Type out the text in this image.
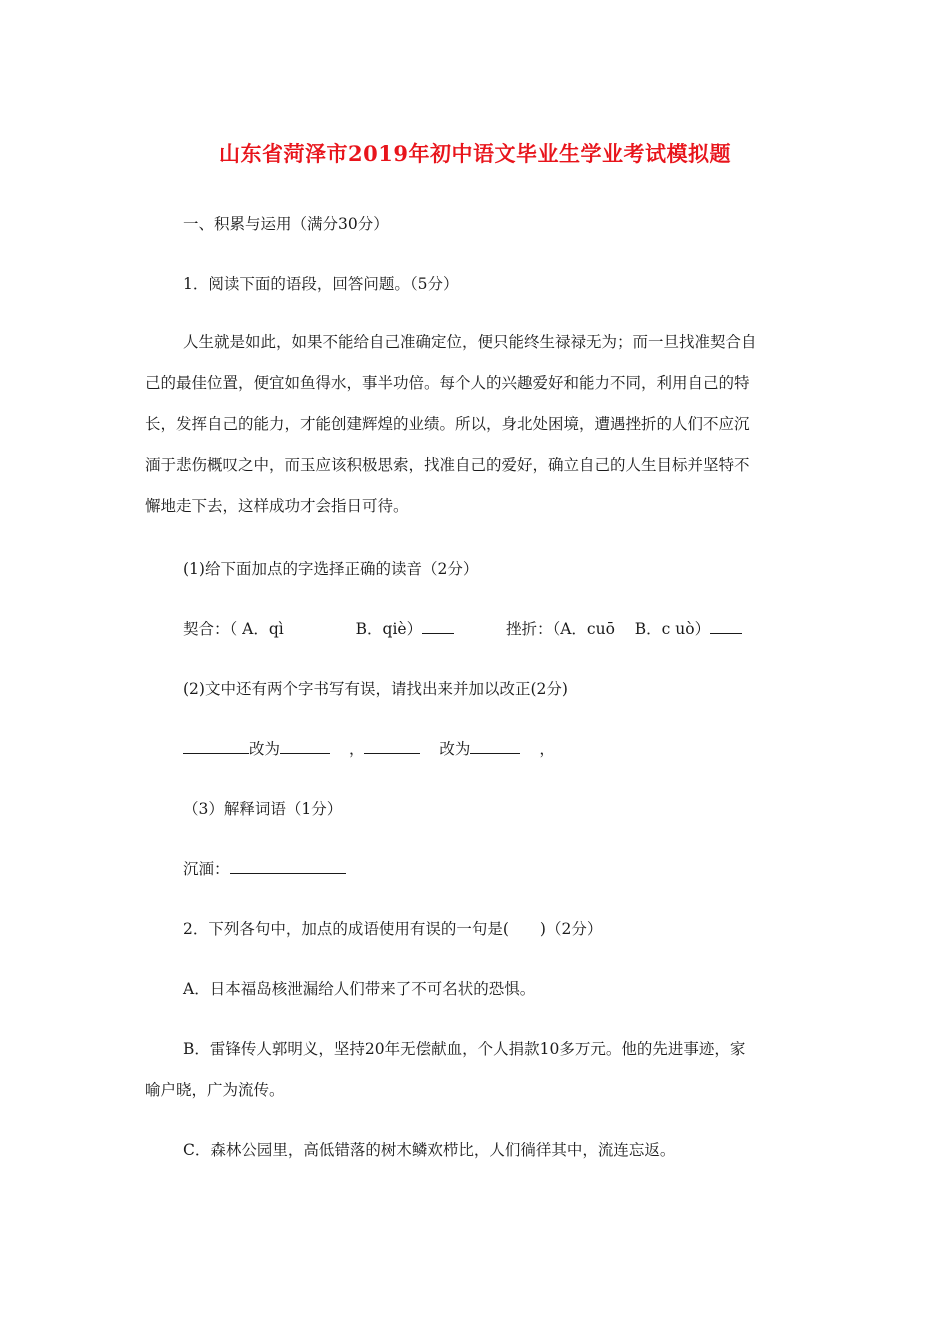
山东省菏泽市2019年初中语文毕业生学业考试模拟题
一、积累与运用（满分30分）
1．阅读下面的语段，回答问题。（5分）
人生就是如此，如果不能给自己准确定位，便只能终生禄禄无为；而一旦找准契合自
己的最佳位置，便宜如鱼得水，事半功倍。每个人的兴趣爱好和能力不同，利用自己的特
长，发挥自己的能力，才能创建辉煌的业绩。所以，身北处困境，遭遇挫折的人们不应沉
湎于悲伤概叹之中，而玉应该积极思索，找准自己的爱好，确立自己的人生目标并坚特不
懈地走下去，这样成功才会指日可待。
(1)给下面加点的字选择正确的读音（2分）
契合：（ A．qì	B．qiè）	挫折：（A．cuō B．c uò）
(2)文中还有两个字书写有误，请找出来并加以改正(2分)
改为	，	改为	，
（3）解释词语（1分）
沉湎：
2．下列各句中，加点的成语使用有误的一句是(　　)（2分）
A．日本福岛核泄漏给人们带来了不可名状的恐惧。
B．雷锋传人郭明义，坚持20年无偿献血，个人捐款10多万元。他的先进事迹，家
喻户晓，广为流传。
C．森林公园里，高低错落的树木鳞欢栉比，人们徜徉其中，流连忘返。
